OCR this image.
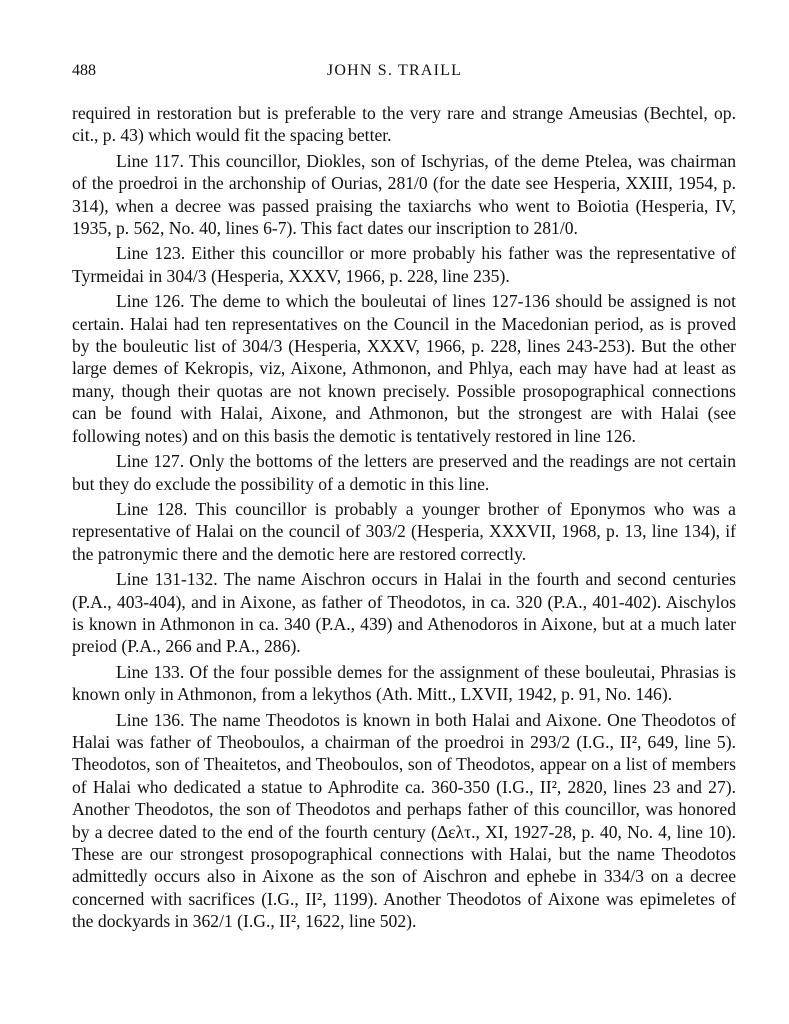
488	JOHN S. TRAILL

required in restoration but is preferable to the very rare and strange Ameusias (Bechtel, op. cit., p. 43) which would fit the spacing better.

Line 117. This councillor, Diokles, son of Ischyrias, of the deme Ptelea, was chairman of the proedroi in the archonship of Ourias, 281/0 (for the date see Hesperia, XXIII, 1954, p. 314), when a decree was passed praising the taxiarchs who went to Boiotia (Hesperia, IV, 1935, p. 562, No. 40, lines 6-7). This fact dates our inscription to 281/0.

Line 123. Either this councillor or more probably his father was the representative of Tyrmeidai in 304/3 (Hesperia, XXXV, 1966, p. 228, line 235).

Line 126. The deme to which the bouleutai of lines 127-136 should be assigned is not certain. Halai had ten representatives on the Council in the Macedonian period, as is proved by the bouleutic list of 304/3 (Hesperia, XXXV, 1966, p. 228, lines 243-253). But the other large demes of Kekropis, viz, Aixone, Athmonon, and Phlya, each may have had at least as many, though their quotas are not known precisely. Possible prosopographical connections can be found with Halai, Aixone, and Athmonon, but the strongest are with Halai (see following notes) and on this basis the demotic is tentatively restored in line 126.

Line 127. Only the bottoms of the letters are preserved and the readings are not certain but they do exclude the possibility of a demotic in this line.

Line 128. This councillor is probably a younger brother of Eponymos who was a representative of Halai on the council of 303/2 (Hesperia, XXXVII, 1968, p. 13, line 134), if the patronymic there and the demotic here are restored correctly.

Line 131-132. The name Aischron occurs in Halai in the fourth and second centuries (P.A., 403-404), and in Aixone, as father of Theodotos, in ca. 320 (P.A., 401-402). Aischylos is known in Athmonon in ca. 340 (P.A., 439) and Athenodoros in Aixone, but at a much later preiod (P.A., 266 and P.A., 286).

Line 133. Of the four possible demes for the assignment of these bouleutai, Phrasias is known only in Athmonon, from a lekythos (Ath. Mitt., LXVII, 1942, p. 91, No. 146).

Line 136. The name Theodotos is known in both Halai and Aixone. One Theodotos of Halai was father of Theoboulos, a chairman of the proedroi in 293/2 (I.G., II², 649, line 5). Theodotos, son of Theaitetos, and Theoboulos, son of Theodotos, appear on a list of members of Halai who dedicated a statue to Aphrodite ca. 360-350 (I.G., II², 2820, lines 23 and 27). Another Theodotos, the son of Theodotos and perhaps father of this councillor, was honored by a decree dated to the end of the fourth century (Δελτ., XI, 1927-28, p. 40, No. 4, line 10). These are our strongest prosopographical connections with Halai, but the name Theodotos admittedly occurs also in Aixone as the son of Aischron and ephebe in 334/3 on a decree concerned with sacrifices (I.G., II², 1199). Another Theodotos of Aixone was epimeletes of the dockyards in 362/1 (I.G., II², 1622, line 502).
